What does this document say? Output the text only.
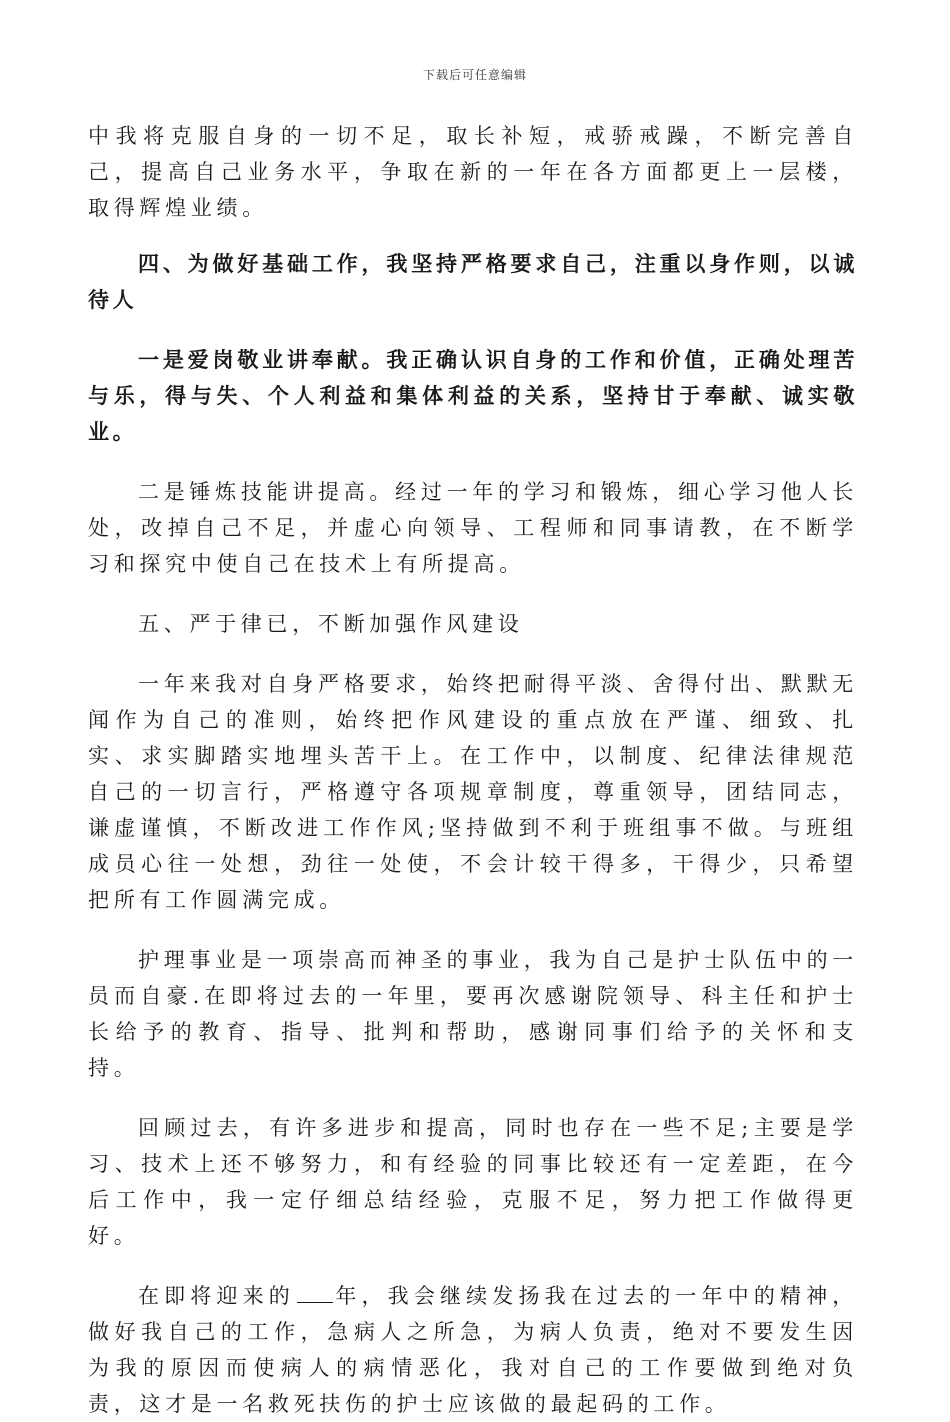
下载后可任意编辑

中我将克服自身的一切不足，取长补短，戒骄戒躁，不断完善自己，提高自己业务水平，争取在新的一年在各方面都更上一层楼，取得辉煌业绩。

四、为做好基础工作，我坚持严格要求自己，注重以身作则，以诚待人

一是爱岗敬业讲奉献。我正确认识自身的工作和价值，正确处理苦与乐，得与失、个人利益和集体利益的关系，坚持甘于奉献、诚实敬业。

二是锤炼技能讲提高。经过一年的学习和锻炼，细心学习他人长处，改掉自己不足，并虚心向领导、工程师和同事请教，在不断学习和探究中使自己在技术上有所提高。

五、严于律已，不断加强作风建设

一年来我对自身严格要求，始终把耐得平淡、舍得付出、默默无闻作为自己的准则，始终把作风建设的重点放在严谨、细致、扎实、求实脚踏实地埋头苦干上。在工作中，以制度、纪律法律规范自己的一切言行，严格遵守各项规章制度，尊重领导，团结同志，谦虚谨慎，不断改进工作作风;坚持做到不利于班组事不做。与班组成员心往一处想，劲往一处使，不会计较干得多，干得少，只希望把所有工作圆满完成。

护理事业是一项崇高而神圣的事业，我为自己是护士队伍中的一员而自豪.在即将过去的一年里，要再次感谢院领导、科主任和护士长给予的教育、指导、批判和帮助，感谢同事们给予的关怀和支持。

回顾过去，有许多进步和提高，同时也存在一些不足;主要是学习、技术上还不够努力，和有经验的同事比较还有一定差距，在今后工作中，我一定仔细总结经验，克服不足，努力把工作做得更好。

在即将迎来的 年，我会继续发扬我在过去的一年中的精神，做好我自己的工作，急病人之所急，为病人负责，绝对不要发生因为我的原因而使病人的病情恶化，我对自己的工作要做到绝对负责，这才是一名救死扶伤的护士应该做的最起码的工作。
